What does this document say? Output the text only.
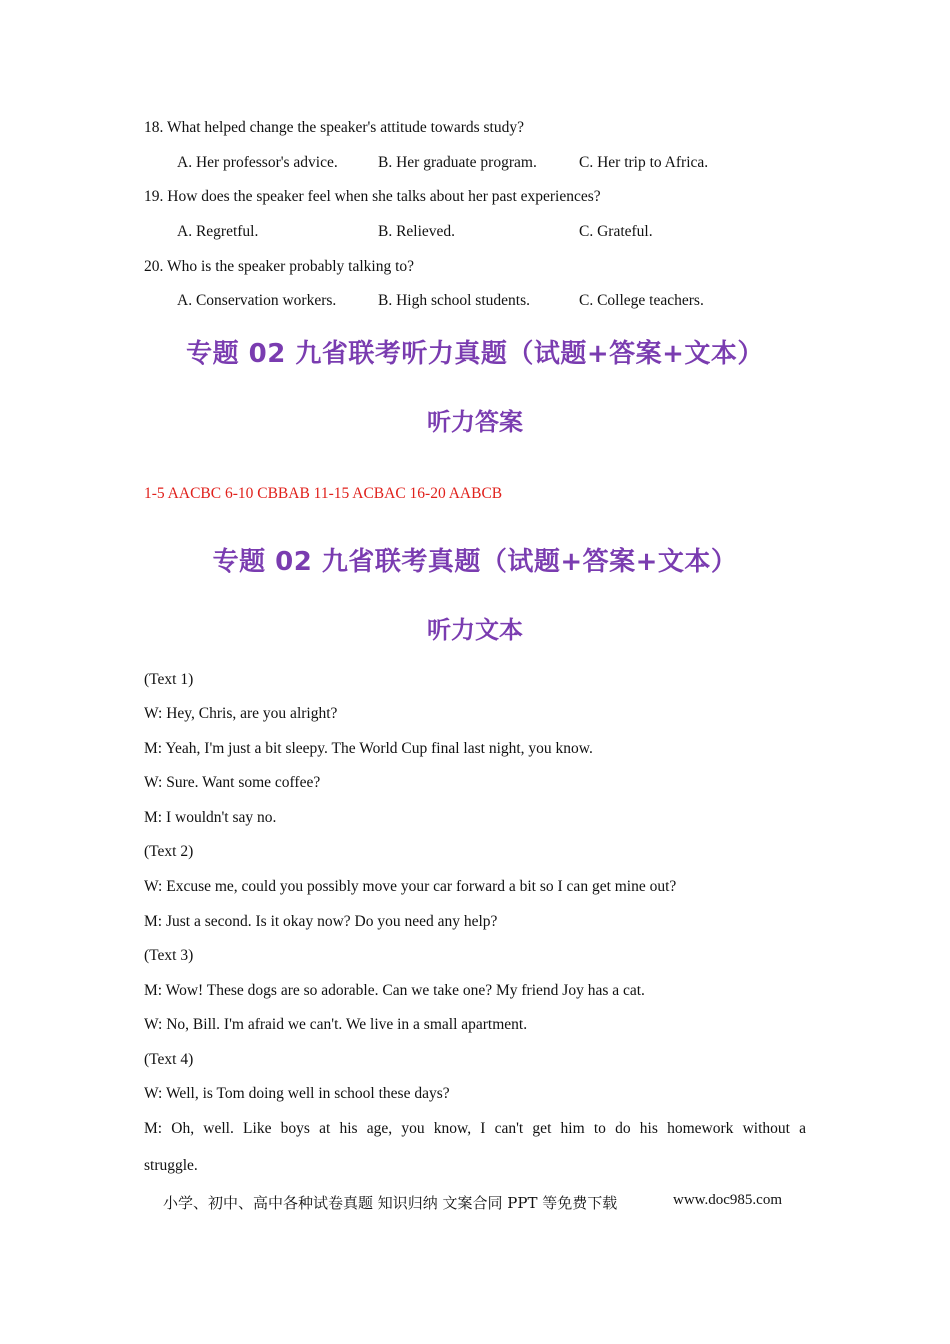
18. What helped change the speaker's attitude towards study?
A. Her professor's advice.	B. Her graduate program.	C. Her trip to Africa.
19. How does the speaker feel when she talks about her past experiences?
A. Regretful.	B. Relieved.	C. Grateful.
20. Who is the speaker probably talking to?
A. Conservation workers.	B. High school students.	C. College teachers.
专题 02 九省联考听力真题（试题+答案+文本）
听力答案
1-5 AACBC 6-10 CBBAB 11-15 ACBAC 16-20 AABCB
专题 02 九省联考真题（试题+答案+文本）
听力文本
(Text 1)
W: Hey, Chris, are you alright?
M: Yeah, I'm just a bit sleepy. The World Cup final last night, you know.
W: Sure. Want some coffee?
M: I wouldn't say no.
(Text 2)
W: Excuse me, could you possibly move your car forward a bit so I can get mine out?
M: Just a second. Is it okay now? Do you need any help?
(Text 3)
M: Wow! These dogs are so adorable. Can we take one? My friend Joy has a cat.
W: No, Bill. I'm afraid we can't. We live in a small apartment.
(Text 4)
W: Well, is Tom doing well in school these days?
M: Oh, well. Like boys at his age, you know, I can't get him to do his homework without a
struggle.
小学、初中、高中各种试卷真题 知识归纳 文案合同 PPT 等免费下载	www.doc985.com
